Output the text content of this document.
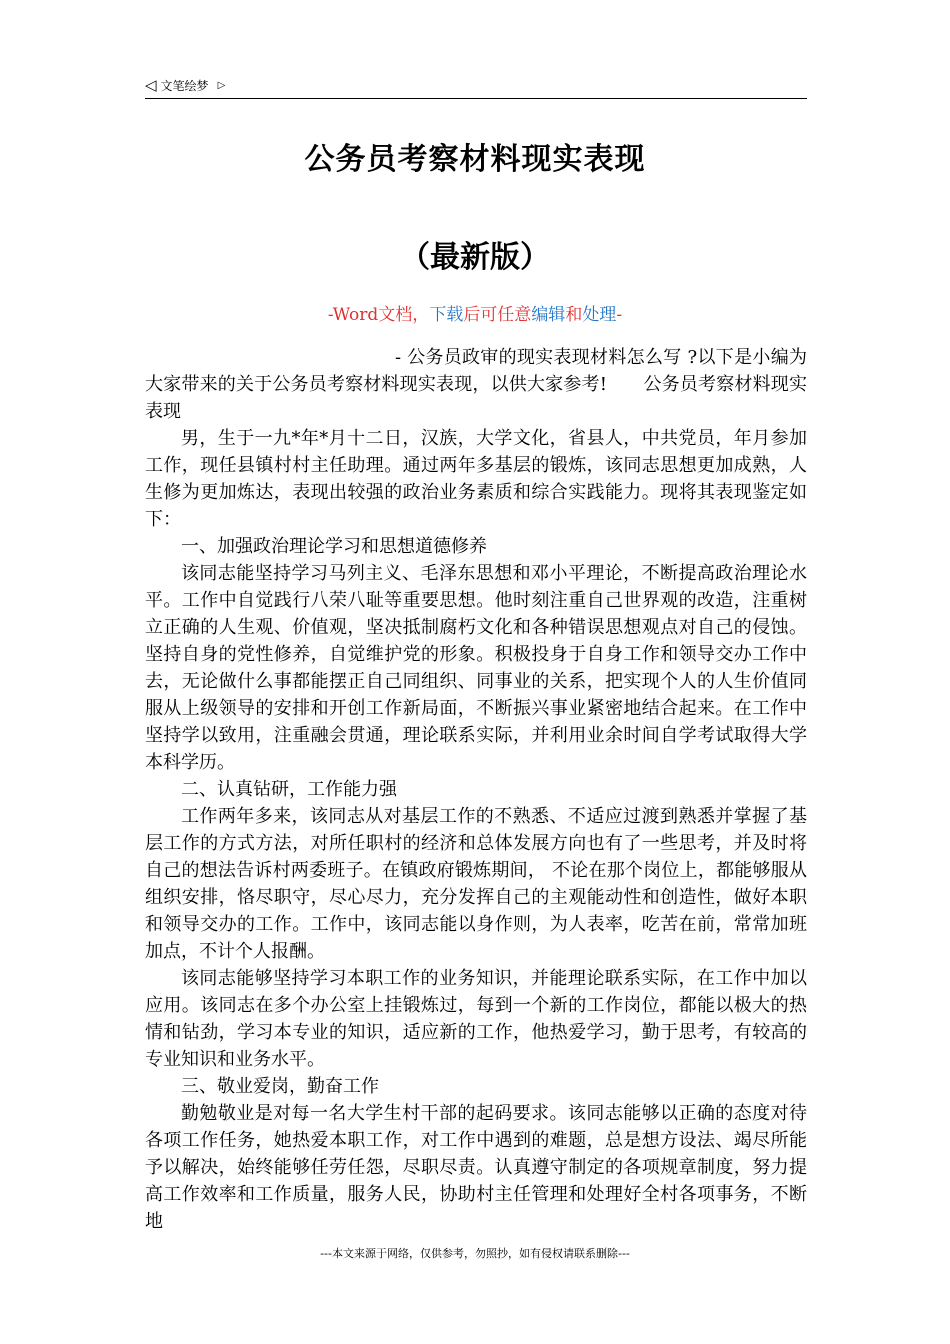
◁ 文笔绘梦 ▷
公务员考察材料现实表现
（最新版）
-Word文档，下载后可任意编辑和处理-

- 公务员政审的现实表现材料怎么写 ?以下是小编为大家带来的关于公务员考察材料现实表现，以供大家参考!　　公务员考察材料现实表现

男，生于一九*年*月十二日，汉族，大学文化，省县人，中共党员，年月参加工作，现任县镇村村主任助理。通过两年多基层的锻炼，该同志思想更加成熟，人生修为更加炼达，表现出较强的政治业务素质和综合实践能力。现将其表现鉴定如下：

一、加强政治理论学习和思想道德修养

该同志能坚持学习马列主义、毛泽东思想和邓小平理论，不断提高政治理论水平。工作中自觉践行八荣八耻等重要思想。他时刻注重自己世界观的改造，注重树立正确的人生观、价值观，坚决抵制腐朽文化和各种错误思想观点对自己的侵蚀。坚持自身的党性修养，自觉维护党的形象。积极投身于自身工作和领导交办工作中去，无论做什么事都能摆正自己同组织、同事业的关系，把实现个人的人生价值同服从上级领导的安排和开创工作新局面，不断振兴事业紧密地结合起来。在工作中坚持学以致用，注重融会贯通，理论联系实际，并利用业余时间自学考试取得大学本科学历。

二、认真钻研，工作能力强

工作两年多来，该同志从对基层工作的不熟悉、不适应过渡到熟悉并掌握了基层工作的方式方法，对所任职村的经济和总体发展方向也有了一些思考，并及时将自己的想法告诉村两委班子。在镇政府锻炼期间， 不论在那个岗位上，都能够服从组织安排，恪尽职守，尽心尽力，充分发挥自己的主观能动性和创造性，做好本职和领导交办的工作。工作中，该同志能以身作则，为人表率，吃苦在前，常常加班加点，不计个人报酬。

该同志能够坚持学习本职工作的业务知识，并能理论联系实际，在工作中加以应用。该同志在多个办公室上挂锻炼过，每到一个新的工作岗位，都能以极大的热情和钻劲，学习本专业的知识，适应新的工作，他热爱学习，勤于思考，有较高的专业知识和业务水平。

三、敬业爱岗，勤奋工作

勤勉敬业是对每一名大学生村干部的起码要求。该同志能够以正确的态度对待各项工作任务，她热爱本职工作，对工作中遇到的难题，总是想方设法、竭尽所能予以解决，始终能够任劳任怨，尽职尽责。认真遵守制定的各项规章制度，努力提高工作效率和工作质量，服务人民，协助村主任管理和处理好全村各项事务，不断地

---本文来源于网络，仅供参考，勿照抄，如有侵权请联系删除---
